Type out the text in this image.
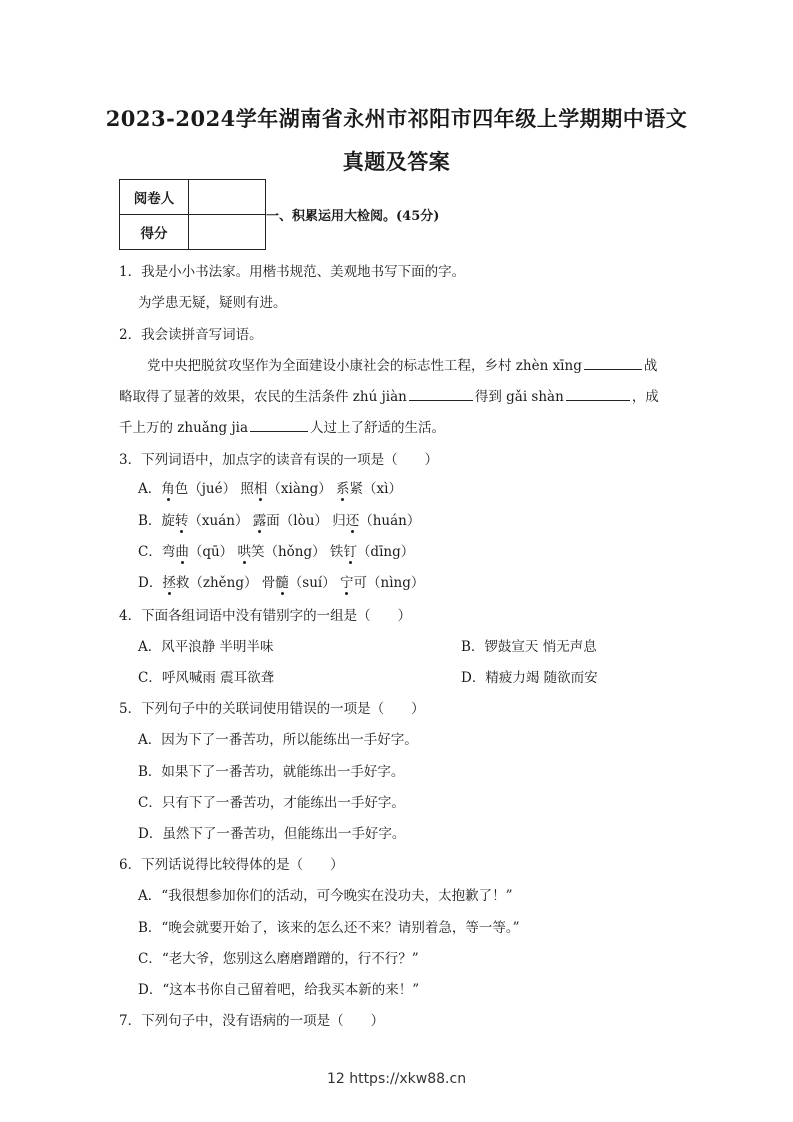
2023-2024学年湖南省永州市祁阳市四年级上学期期中语文
真题及答案
阅卷人	
得分	
一、积累运用大检阅。(45分)
1．我是小小书法家。用楷书规范、美观地书写下面的字。
为学患无疑，疑则有进。
2．我会读拼音写词语。
党中央把脱贫攻坚作为全面建设小康社会的标志性工程，乡村 zhèn xīng	战
略取得了显著的效果，农民的生活条件 zhú jiàn	得到 gǎi shàn	，成
千上万的 zhuǎng jia	人过上了舒适的生活。
3．下列词语中，加点字的读音有误的一项是（　　）
A．角色（jué） 照相（xiàng） 系紧（xì）
B．旋转（xuán） 露面（lòu） 归还（huán）
C．弯曲（qū） 哄笑（hǒng） 铁钉（dīng）
D．拯救（zhěng） 骨髓（suí） 宁可（nìng）
4．下面各组词语中没有错别字的一组是（　　）
A．风平浪静 半明半味	B．锣鼓宣天 悄无声息
C．呼风喊雨 震耳欲聋	D．精疲力竭 随欲而安
5．下列句子中的关联词使用错误的一项是（　　）
A．因为下了一番苦功，所以能练出一手好字。
B．如果下了一番苦功，就能练出一手好字。
C．只有下了一番苦功，才能练出一手好字。
D．虽然下了一番苦功，但能练出一手好字。
6．下列话说得比较得体的是（　　）
A．“我很想参加你们的活动，可今晚实在没功夫，太抱歉了！”
B．“晚会就要开始了，该来的怎么还不来？请别着急，等一等。”
C．“老大爷，您别这么磨磨蹭蹭的，行不行？”
D．“这本书你自己留着吧，给我买本新的来！”
7．下列句子中，没有语病的一项是（　　）
12 https://xkw88.cn
